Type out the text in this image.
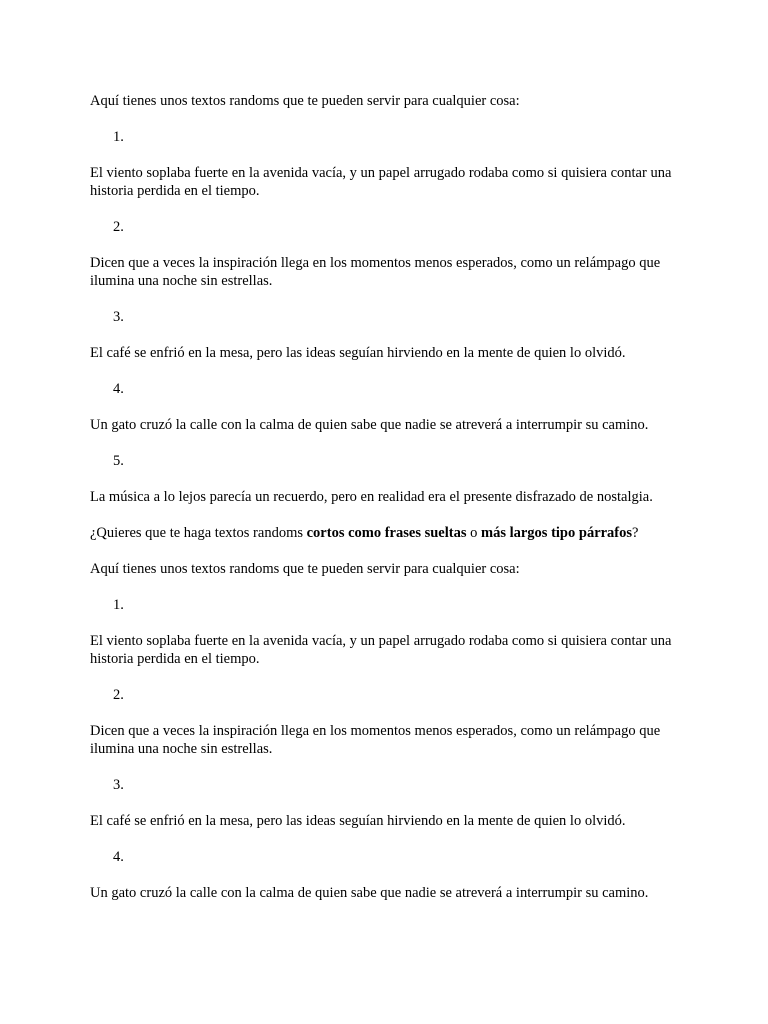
Aquí tienes unos textos randoms que te pueden servir para cualquier cosa:

1.

El viento soplaba fuerte en la avenida vacía, y un papel arrugado rodaba como si quisiera contar una historia perdida en el tiempo.

2.

Dicen que a veces la inspiración llega en los momentos menos esperados, como un relámpago que ilumina una noche sin estrellas.

3.

El café se enfrió en la mesa, pero las ideas seguían hirviendo en la mente de quien lo olvidó.

4.

Un gato cruzó la calle con la calma de quien sabe que nadie se atreverá a interrumpir su camino.

5.

La música a lo lejos parecía un recuerdo, pero en realidad era el presente disfrazado de nostalgia.

¿Quieres que te haga textos randoms cortos como frases sueltas o más largos tipo párrafos?

Aquí tienes unos textos randoms que te pueden servir para cualquier cosa:

1.

El viento soplaba fuerte en la avenida vacía, y un papel arrugado rodaba como si quisiera contar una historia perdida en el tiempo.

2.

Dicen que a veces la inspiración llega en los momentos menos esperados, como un relámpago que ilumina una noche sin estrellas.

3.

El café se enfrió en la mesa, pero las ideas seguían hirviendo en la mente de quien lo olvidó.

4.

Un gato cruzó la calle con la calma de quien sabe que nadie se atreverá a interrumpir su camino.
